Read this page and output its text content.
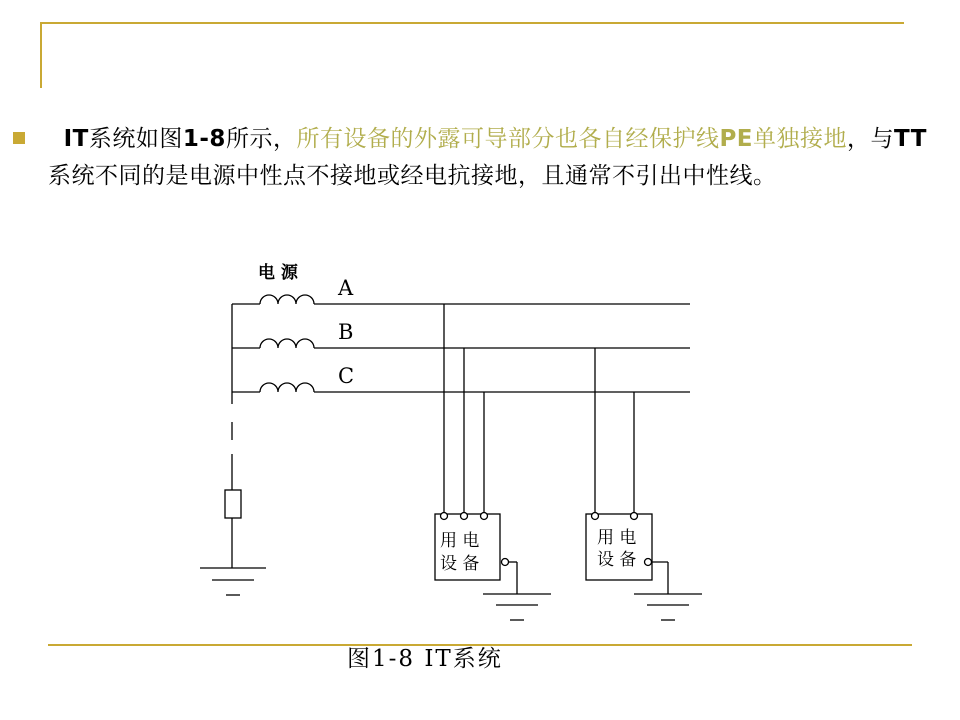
IT系统如图1-8所示，所有设备的外露可导部分也各自经保护线PE单独接地，与TT系统不同的是电源中性点不接地或经电抗接地，且通常不引出中性线。
电 源
A
B
C
用 电
设 备
用 电
设 备
图1-8 IT系统
